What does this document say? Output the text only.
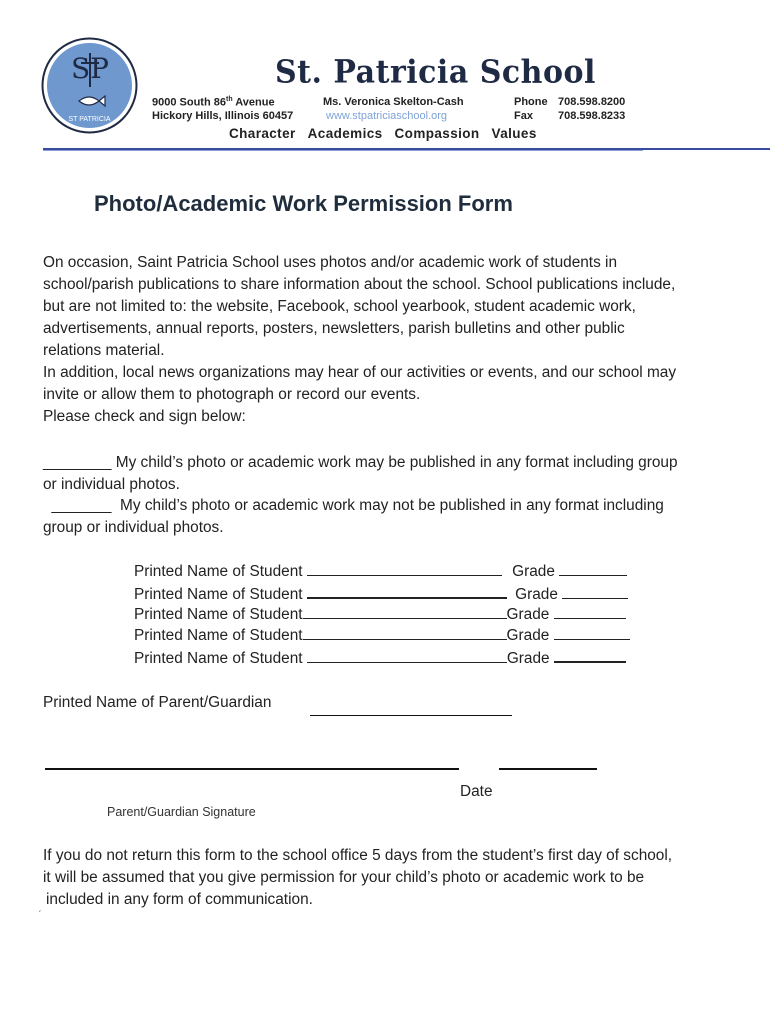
SP
ST PATRICIA
St. Patricia School
9000 South 86th Avenue
Hickory Hills, Illinois 60457
Ms. Veronica Skelton-Cash
www.stpatriciaschool.org
Phone 708.598.8200
Fax 708.598.8233
Character Academics Compassion Values
Photo/Academic Work Permission Form
On occasion, Saint Patricia School uses photos and/or academic work of students in
school/parish publications to share information about the school. School publications include,
but are not limited to: the website, Facebook, school yearbook, student academic work,
advertisements, annual reports, posters, newsletters, parish bulletins and other public
relations material.
In addition, local news organizations may hear of our activities or events, and our school may
invite or allow them to photograph or record our events.
Please check and sign below:
________ My child’s photo or academic work may be published in any format including group
or individual photos.
_______  My child’s photo or academic work may not be published in any format including
group or individual photos.
Printed Name of Student	Grade
Printed Name of Student	Grade
Printed Name of Student	Grade
Printed Name of Student	Grade
Printed Name of Student	Grade
Printed Name of Parent/Guardian
Date
Parent/Guardian Signature
If you do not return this form to the school office 5 days from the student’s first day of school,
it will be assumed that you give permission for your child’s photo or academic work to be
included in any form of communication.
ˏ
